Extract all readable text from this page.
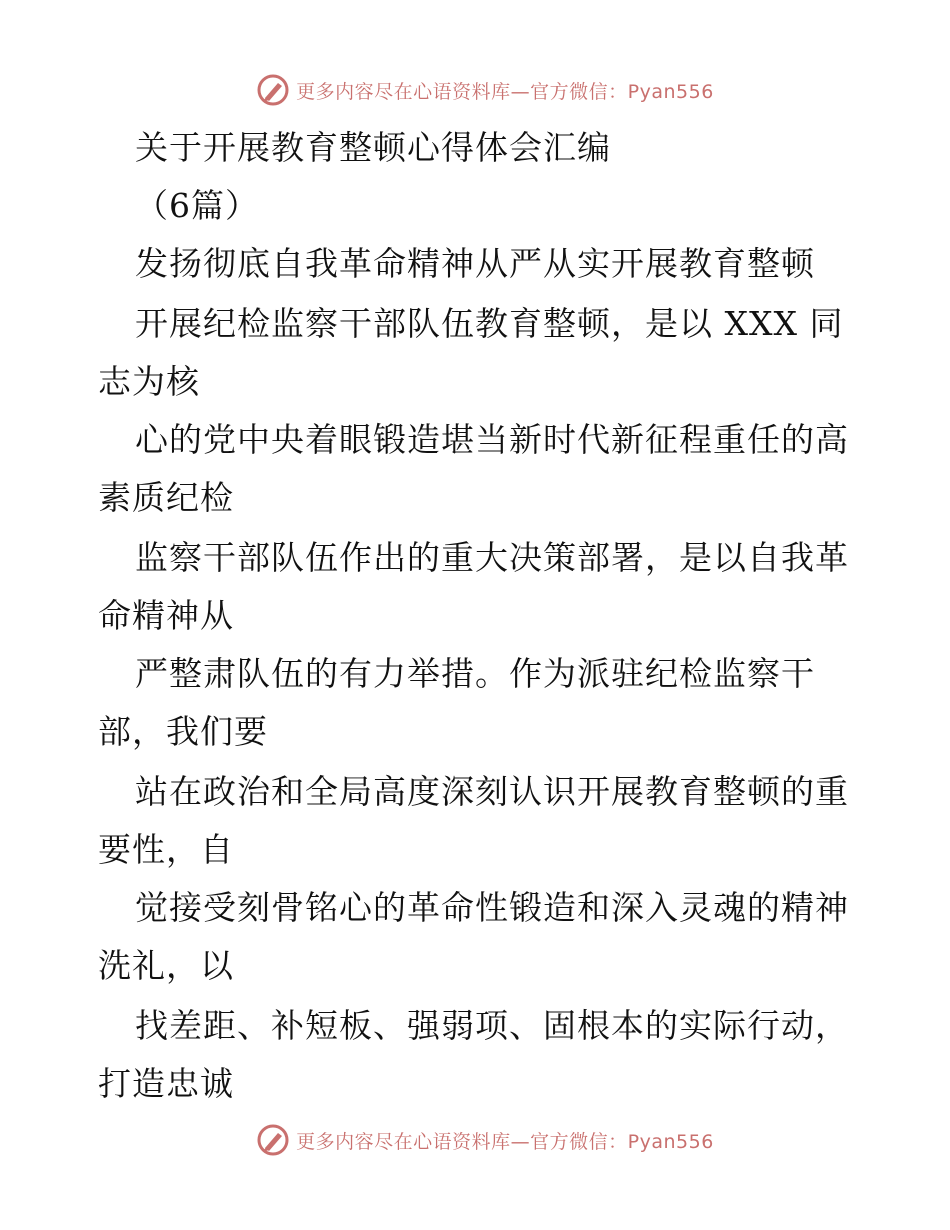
更多内容尽在心语资料库—官方微信：Pyan556
关于开展教育整顿心得体会汇编
（6篇）
发扬彻底自我革命精神从严从实开展教育整顿
开展纪检监察干部队伍教育整顿，是以 XXX 同
志为核
心的党中央着眼锻造堪当新时代新征程重任的高
素质纪检
监察干部队伍作出的重大决策部署，是以自我革
命精神从
严整肃队伍的有力举措。作为派驻纪检监察干
部，我们要
站在政治和全局高度深刻认识开展教育整顿的重
要性，自
觉接受刻骨铭心的革命性锻造和深入灵魂的精神
洗礼，以
找差距、补短板、强弱项、固根本的实际行动，
打造忠诚
更多内容尽在心语资料库—官方微信：Pyan556
